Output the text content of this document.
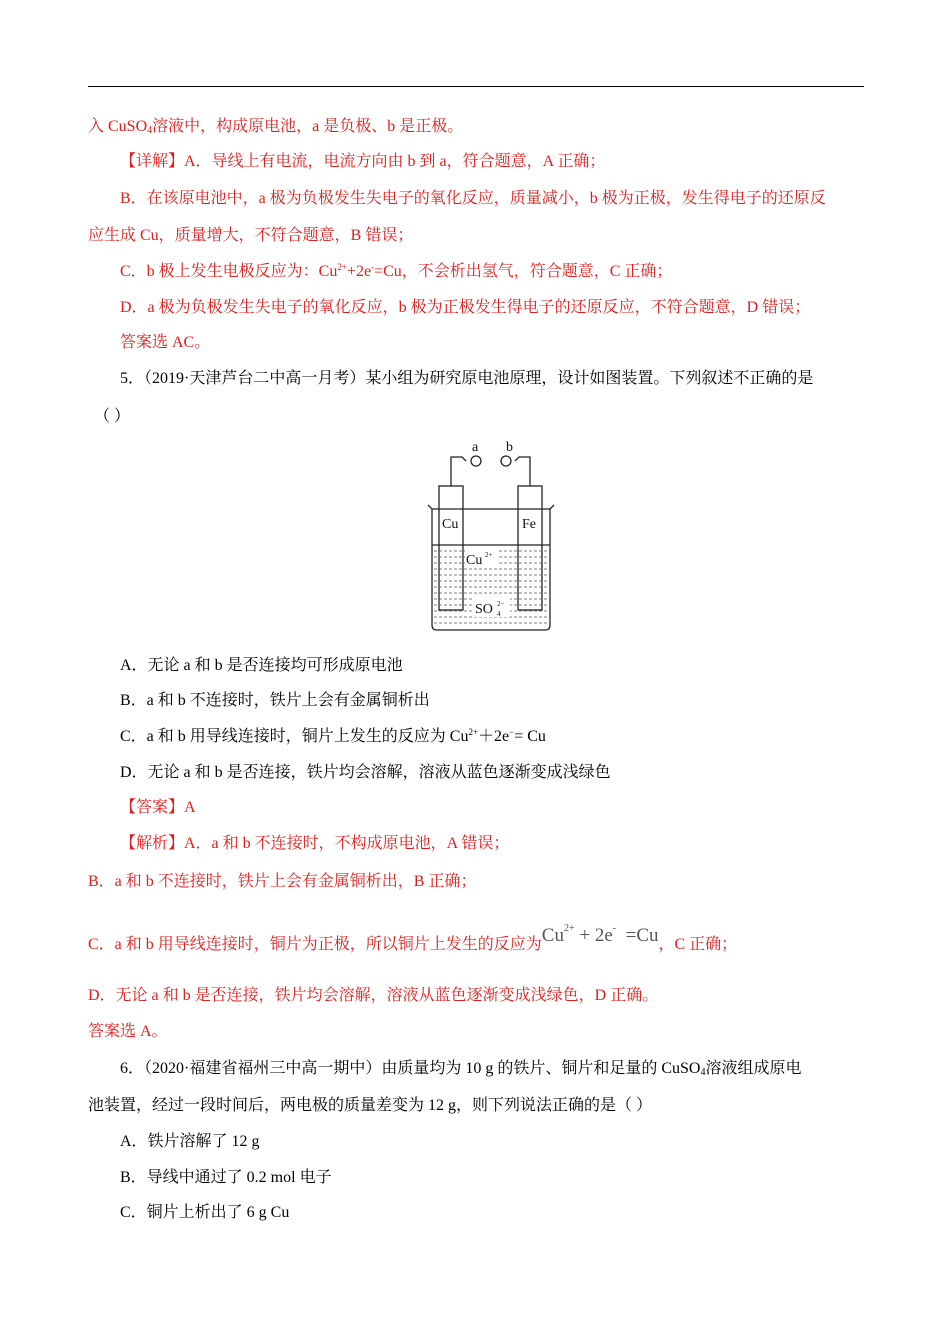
入 CuSO$_4$溶液中，构成原电池，a 是负极、b 是正极。
【详解】A．导线上有电流，电流方向由 b 到 a，符合题意，A 正确；
B．在该原电池中，a 极为负极发生失电子的氧化反应，质量减小，b 极为正极，发生得电子的还原反
应生成 Cu，质量增大，不符合题意，B 错误；
C．b 极上发生电极反应为：$Cu^{2+}+2e^-=Cu$，不会析出氢气，符合题意，C 正确；
D．a 极为负极发生失电子的氧化反应，b 极为正极发生得电子的还原反应，不符合题意，D 错误；
答案选 AC。
5．（2019·天津芦台二中高一月考）某小组为研究原电池原理，设计如图装置。下列叙述不正确的是
（ ）
a b
Cu	Fe
Cu 2+
SO 4
2−
A．无论 a 和 b 是否连接均可形成原电池
B．a 和 b 不连接时，铁片上会有金属铜析出
C．a 和 b 用导线连接时，铜片上发生的反应为 $Cu^{2+}+2e^-= Cu$
D．无论 a 和 b 是否连接，铁片均会溶解，溶液从蓝色逐渐变成浅绿色
【答案】A
【解析】A．a 和 b 不连接时，不构成原电池，A 错误；
B．a 和 b 不连接时，铁片上会有金属铜析出，B 正确；
C．a 和 b 用导线连接时，铜片为正极，所以铜片上发生的反应为$Cu^{2+} + 2e^- =Cu$，C 正确；
D．无论 a 和 b 是否连接，铁片均会溶解，溶液从蓝色逐渐变成浅绿色，D 正确。
答案选 A。
6．（2020·福建省福州三中高一期中）由质量均为 10 g 的铁片、铜片和足量的 CuSO$_4$溶液组成原电
池装置，经过一段时间后，两电极的质量差变为 12 g，则下列说法正确的是（ ）
A．铁片溶解了 12 g
B．导线中通过了 0.2 mol 电子
C．铜片上析出了 6 g Cu
